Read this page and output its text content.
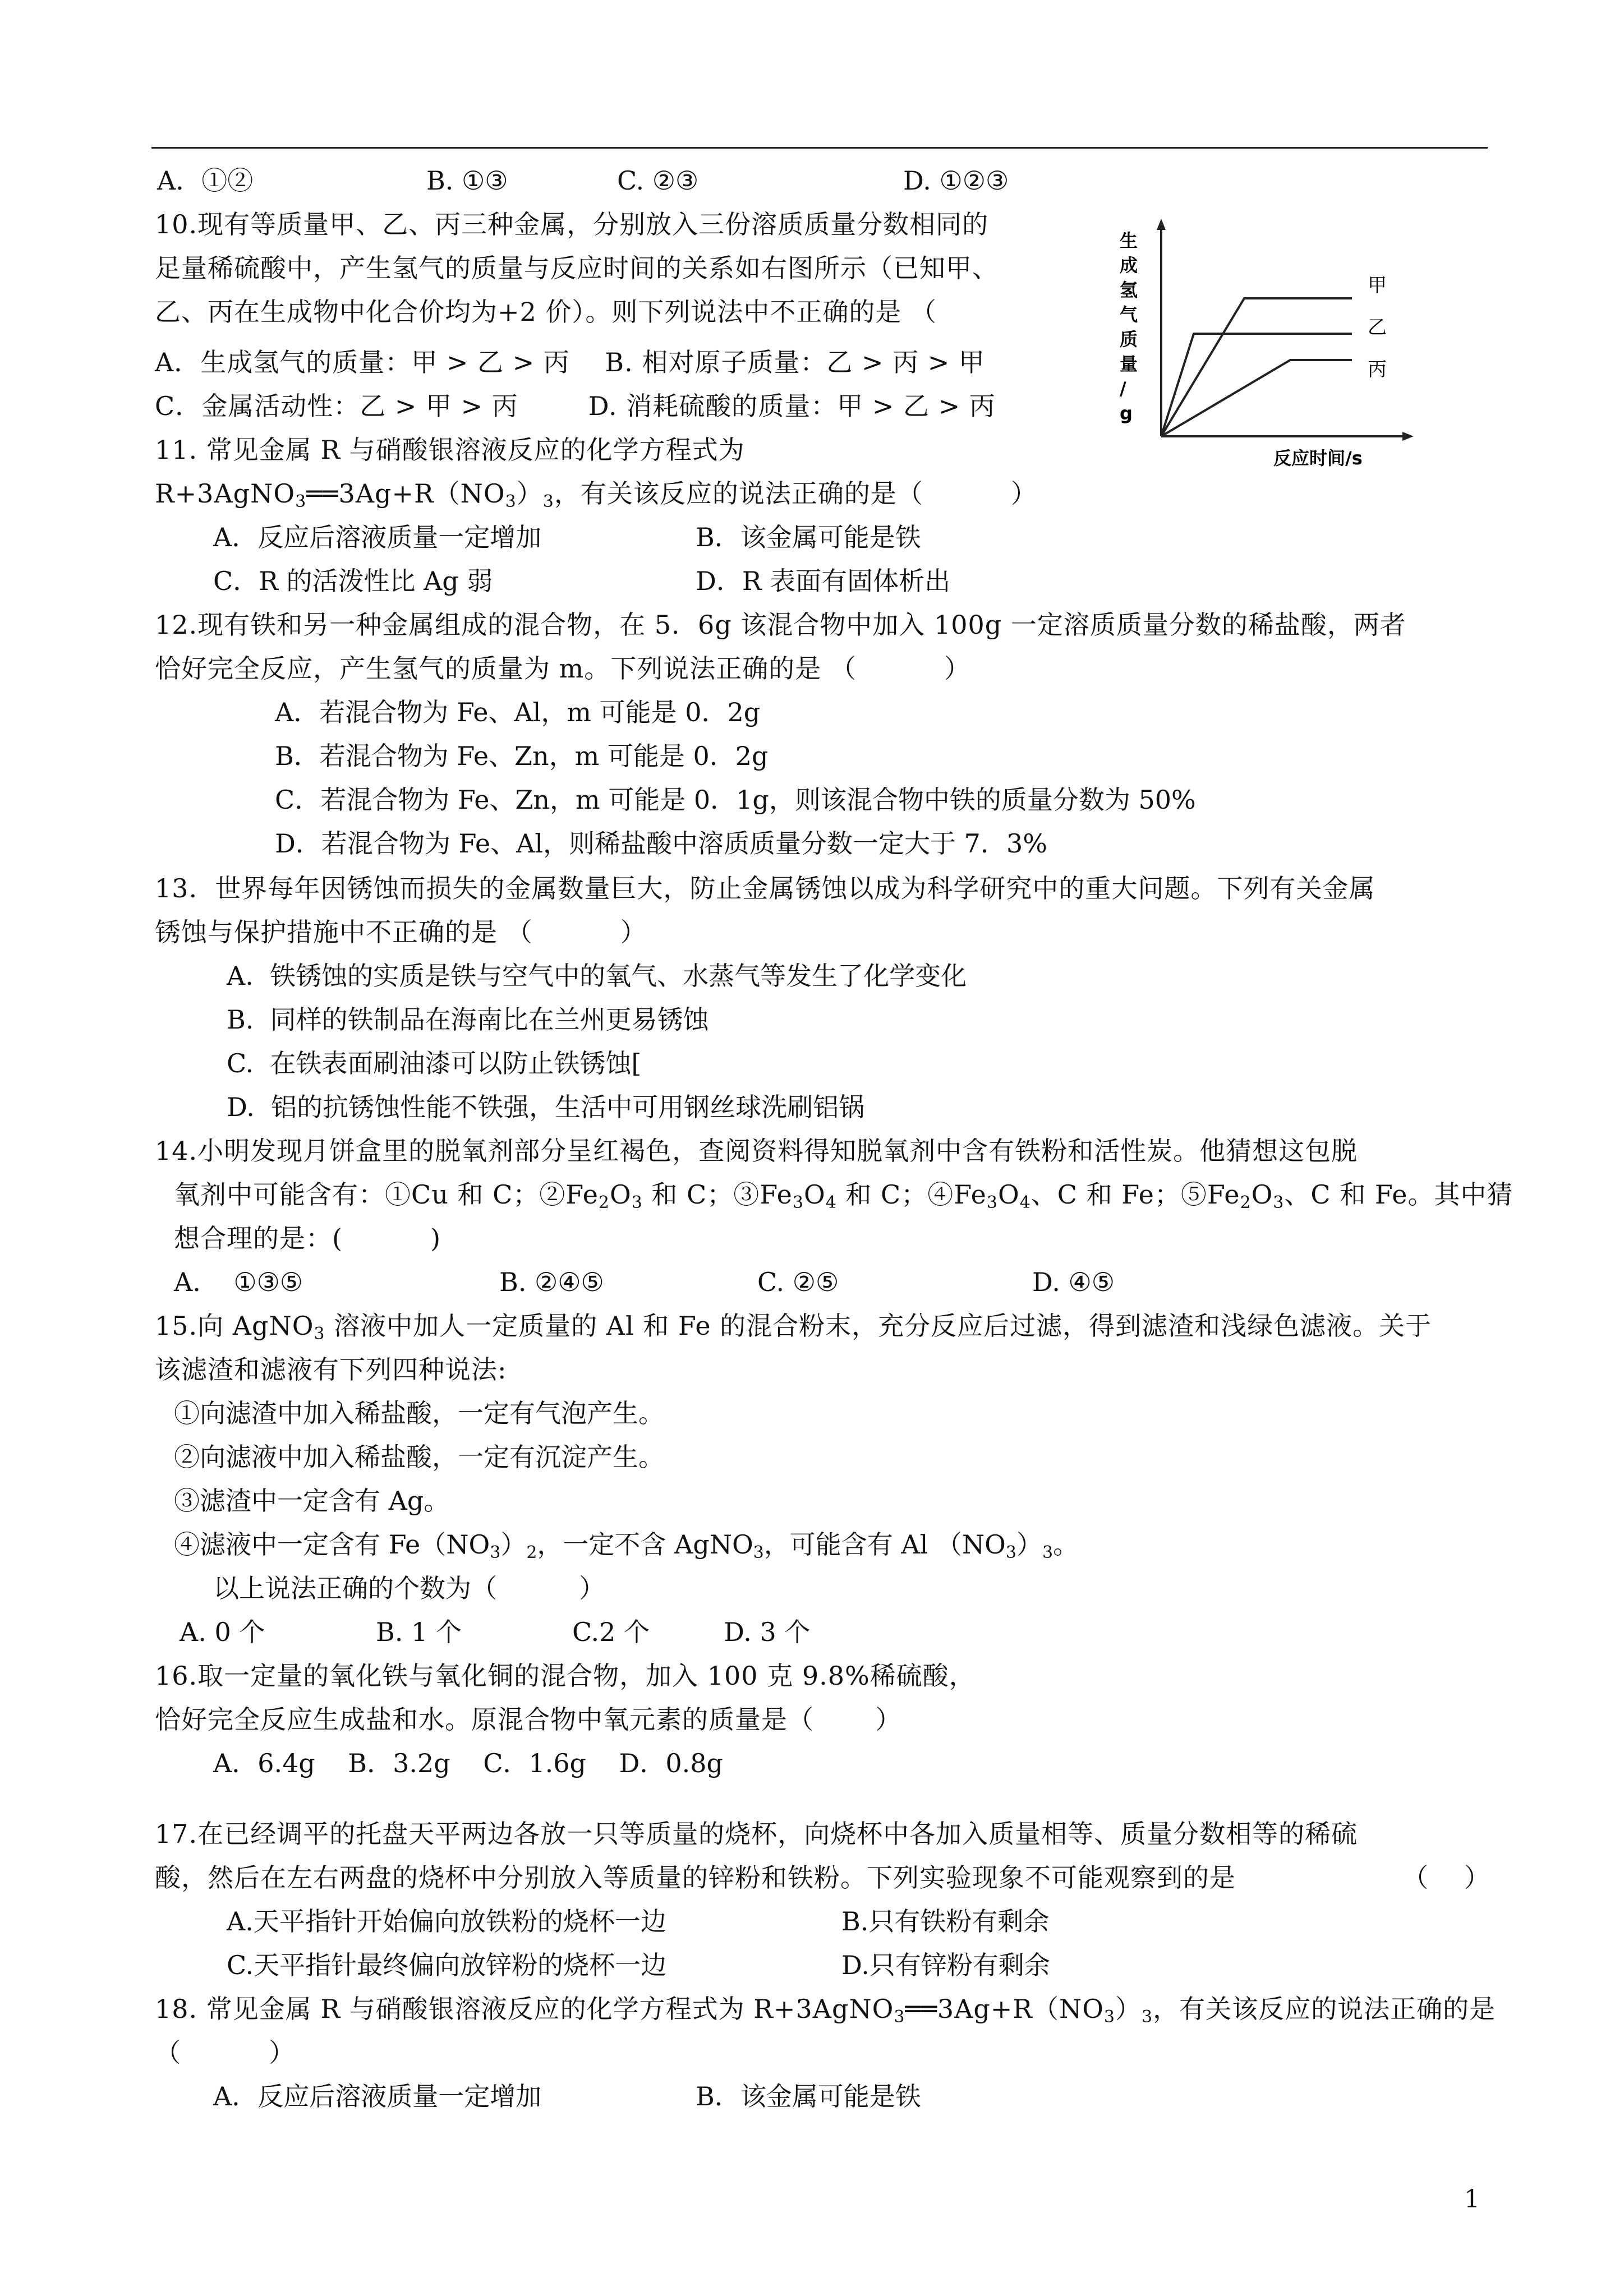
A．①②	B. ①③	C. ②③	D. ①②③
10.现有等质量甲、乙、丙三种金属，分别放入三份溶质质量分数相同的
足量稀硫酸中，产生氢气的质量与反应时间的关系如右图所示（已知甲、
乙、丙在生成物中化合价均为+2 价）。则下列说法中不正确的是 （
A．生成氢气的质量：甲 > 乙 > 丙    B. 相对原子质量：乙 > 丙 > 甲
C．金属活动性：乙 > 甲 > 丙        D. 消耗硫酸的质量：甲 > 乙 > 丙
生
成
氢
气
质
量
/
g
甲
乙
丙
反应时间/s
11. 常见金属 R 与硝酸银溶液反应的化学方程式为
$R+3AgNO_3══3Ag+R(NO_3)_3$，有关该反应的说法正确的是（          ）
A．反应后溶液质量一定增加	B．该金属可能是铁
C．R 的活泼性比 Ag 弱	D．R 表面有固体析出
12.现有铁和另一种金属组成的混合物，在 5．6g 该混合物中加入 100g 一定溶质质量分数的稀盐酸，两者
恰好完全反应，产生氢气的质量为 m。下列说法正确的是 （          ）
A．若混合物为 Fe、Al，m 可能是 0．2g
B．若混合物为 Fe、Zn，m 可能是 0．2g
C．若混合物为 Fe、Zn，m 可能是 0．1g，则该混合物中铁的质量分数为 50%
D．若混合物为 Fe、Al，则稀盐酸中溶质质量分数一定大于 7．3%
13.  世界每年因锈蚀而损失的金属数量巨大，防止金属锈蚀以成为科学研究中的重大问题。下列有关金属
锈蚀与保护措施中不正确的是 （          ）
A.  铁锈蚀的实质是铁与空气中的氧气、水蒸气等发生了化学变化
B.  同样的铁制品在海南比在兰州更易锈蚀
C.  在铁表面刷油漆可以防止铁锈蚀[
D.  铝的抗锈蚀性能不铁强，生活中可用钢丝球洗刷铝锅
14.小明发现月饼盒里的脱氧剂部分呈红褐色，查阅资料得知脱氧剂中含有铁粉和活性炭。他猜想这包脱
氧剂中可能含有：①Cu 和 C；$②Fe_2O_3$ 和 C；$③Fe_3O_4$ 和 C；$④Fe_3O_4$、C 和 Fe；$⑤Fe_2O_3$、C 和 Fe。其中猜
想合理的是：(          )
A.    ①③⑤	B. ②④⑤	C. ②⑤	D. ④⑤
15.向 AgNO$_3$ 溶液中加人一定质量的 Al 和 Fe 的混合粉末，充分反应后过滤，得到滤渣和浅绿色滤液。关于
该滤渣和滤液有下列四种说法:
①向滤渣中加入稀盐酸，一定有气泡产生。
②向滤液中加入稀盐酸，一定有沉淀产生。
③滤渣中一定含有 Ag。
④滤液中一定含有 $Fe(NO_3)_2$，一定不含 AgNO$_3$，可能含有 Al $(NO_3)_3$。
以上说法正确的个数为（          ）
A. 0 个	B. 1 个	C.2 个	D. 3 个
16.取一定量的氧化铁与氧化铜的混合物，加入 100 克 9.8%稀硫酸，
恰好完全反应生成盐和水。原混合物中氧元素的质量是（       ）
A．6.4g    B．3.2g    C．1.6g    D．0.8g
17.在已经调平的托盘天平两边各放一只等质量的烧杯，向烧杯中各加入质量相等、质量分数相等的稀硫
酸，然后在左右两盘的烧杯中分别放入等质量的锌粉和铁粉。下列实验现象不可能观察到的是	（ ）
A.天平指针开始偏向放铁粉的烧杯一边	B.只有铁粉有剩余
C.天平指针最终偏向放锌粉的烧杯一边	D.只有锌粉有剩余
18. 常见金属 R 与硝酸银溶液反应的化学方程式为 $R+3AgNO_3══3Ag+R(NO_3)_3$，有关该反应的说法正确的是
（          ）
A．反应后溶液质量一定增加	B．该金属可能是铁
1
